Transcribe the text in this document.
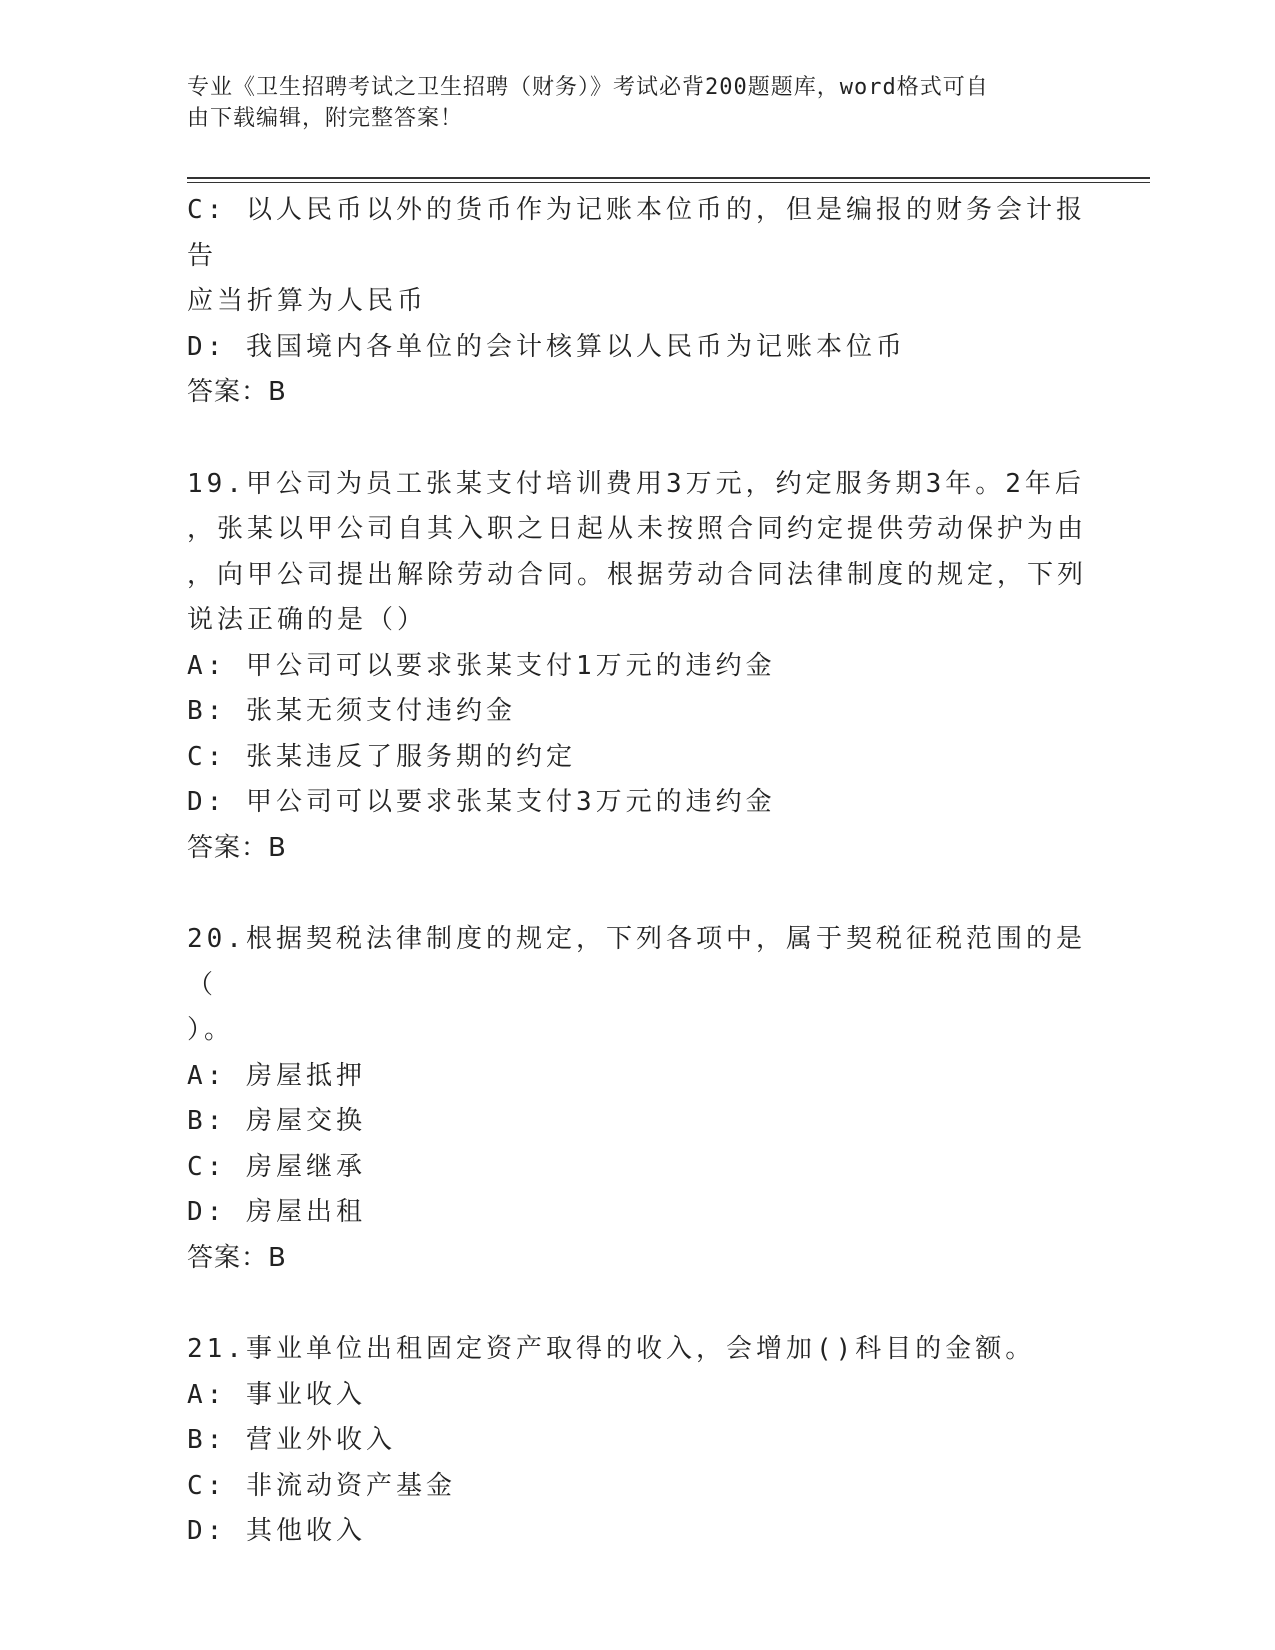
专业《卫生招聘考试之卫生招聘（财务）》考试必背200题题库，word格式可自
由下载编辑，附完整答案！
C: 以人民币以外的货币作为记账本位币的，但是编报的财务会计报告
应当折算为人民币
D: 我国境内各单位的会计核算以人民币为记账本位币
答案：B
19.甲公司为员工张某支付培训费用3万元，约定服务期3年。2年后
，张某以甲公司自其入职之日起从未按照合同约定提供劳动保护为由
，向甲公司提出解除劳动合同。根据劳动合同法律制度的规定，下列
说法正确的是（）
A: 甲公司可以要求张某支付1万元的违约金
B: 张某无须支付违约金
C: 张某违反了服务期的约定
D: 甲公司可以要求张某支付3万元的违约金
答案：B
20.根据契税法律制度的规定，下列各项中，属于契税征税范围的是（
）。
A: 房屋抵押
B: 房屋交换
C: 房屋继承
D: 房屋出租
答案：B
21.事业单位出租固定资产取得的收入，会增加()科目的金额。
A: 事业收入
B: 营业外收入
C: 非流动资产基金
D: 其他收入
